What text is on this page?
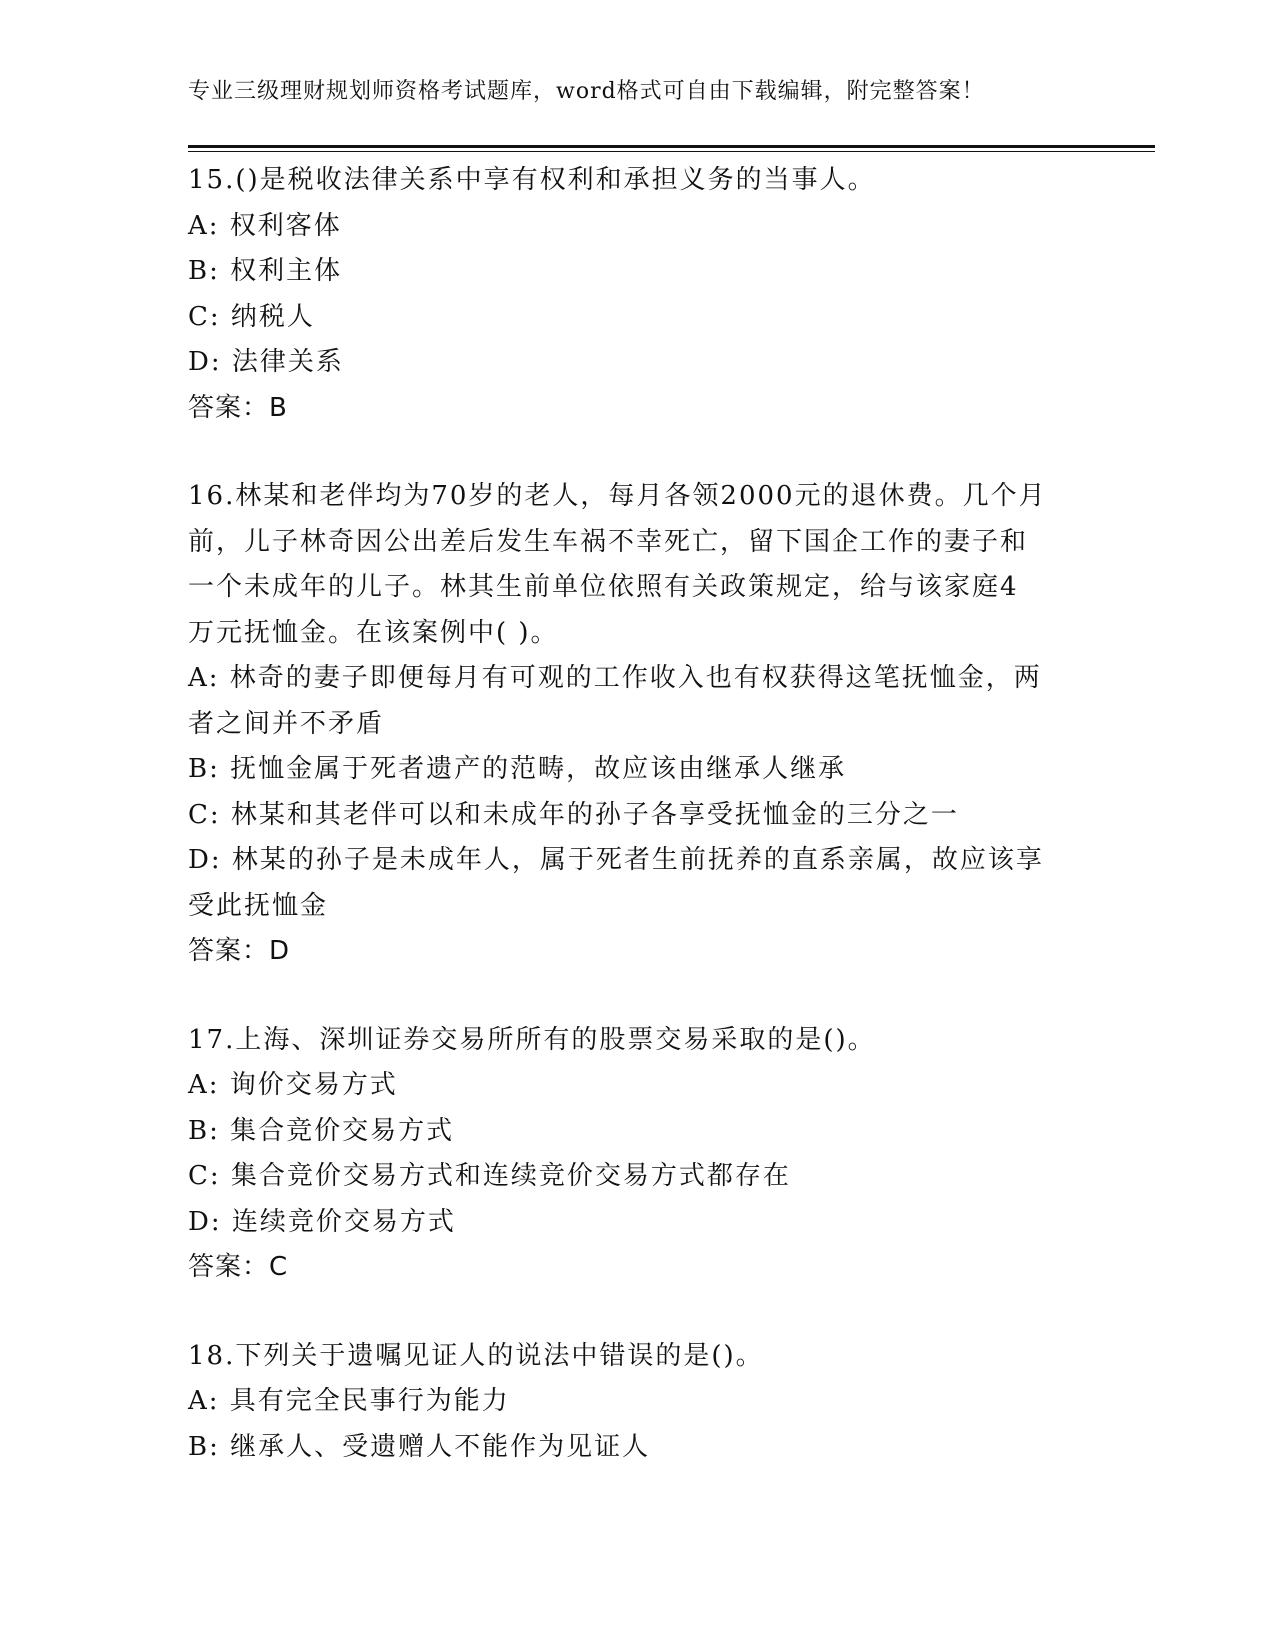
专业三级理财规划师资格考试题库，word格式可自由下载编辑，附完整答案！
15.()是税收法律关系中享有权利和承担义务的当事人。
A: 权利客体
B: 权利主体
C: 纳税人
D: 法律关系
答案：B
16.林某和老伴均为70岁的老人，每月各领2000元的退休费。几个月
前，儿子林奇因公出差后发生车祸不幸死亡，留下国企工作的妻子和
一个未成年的儿子。林其生前单位依照有关政策规定，给与该家庭4
万元抚恤金。在该案例中( )。
A: 林奇的妻子即便每月有可观的工作收入也有权获得这笔抚恤金，两
者之间并不矛盾
B: 抚恤金属于死者遗产的范畴，故应该由继承人继承
C: 林某和其老伴可以和未成年的孙子各享受抚恤金的三分之一
D: 林某的孙子是未成年人，属于死者生前抚养的直系亲属，故应该享
受此抚恤金
答案：D
17.上海、深圳证券交易所所有的股票交易采取的是()。
A: 询价交易方式
B: 集合竞价交易方式
C: 集合竞价交易方式和连续竞价交易方式都存在
D: 连续竞价交易方式
答案：C
18.下列关于遗嘱见证人的说法中错误的是()。
A: 具有完全民事行为能力
B: 继承人、受遗赠人不能作为见证人
